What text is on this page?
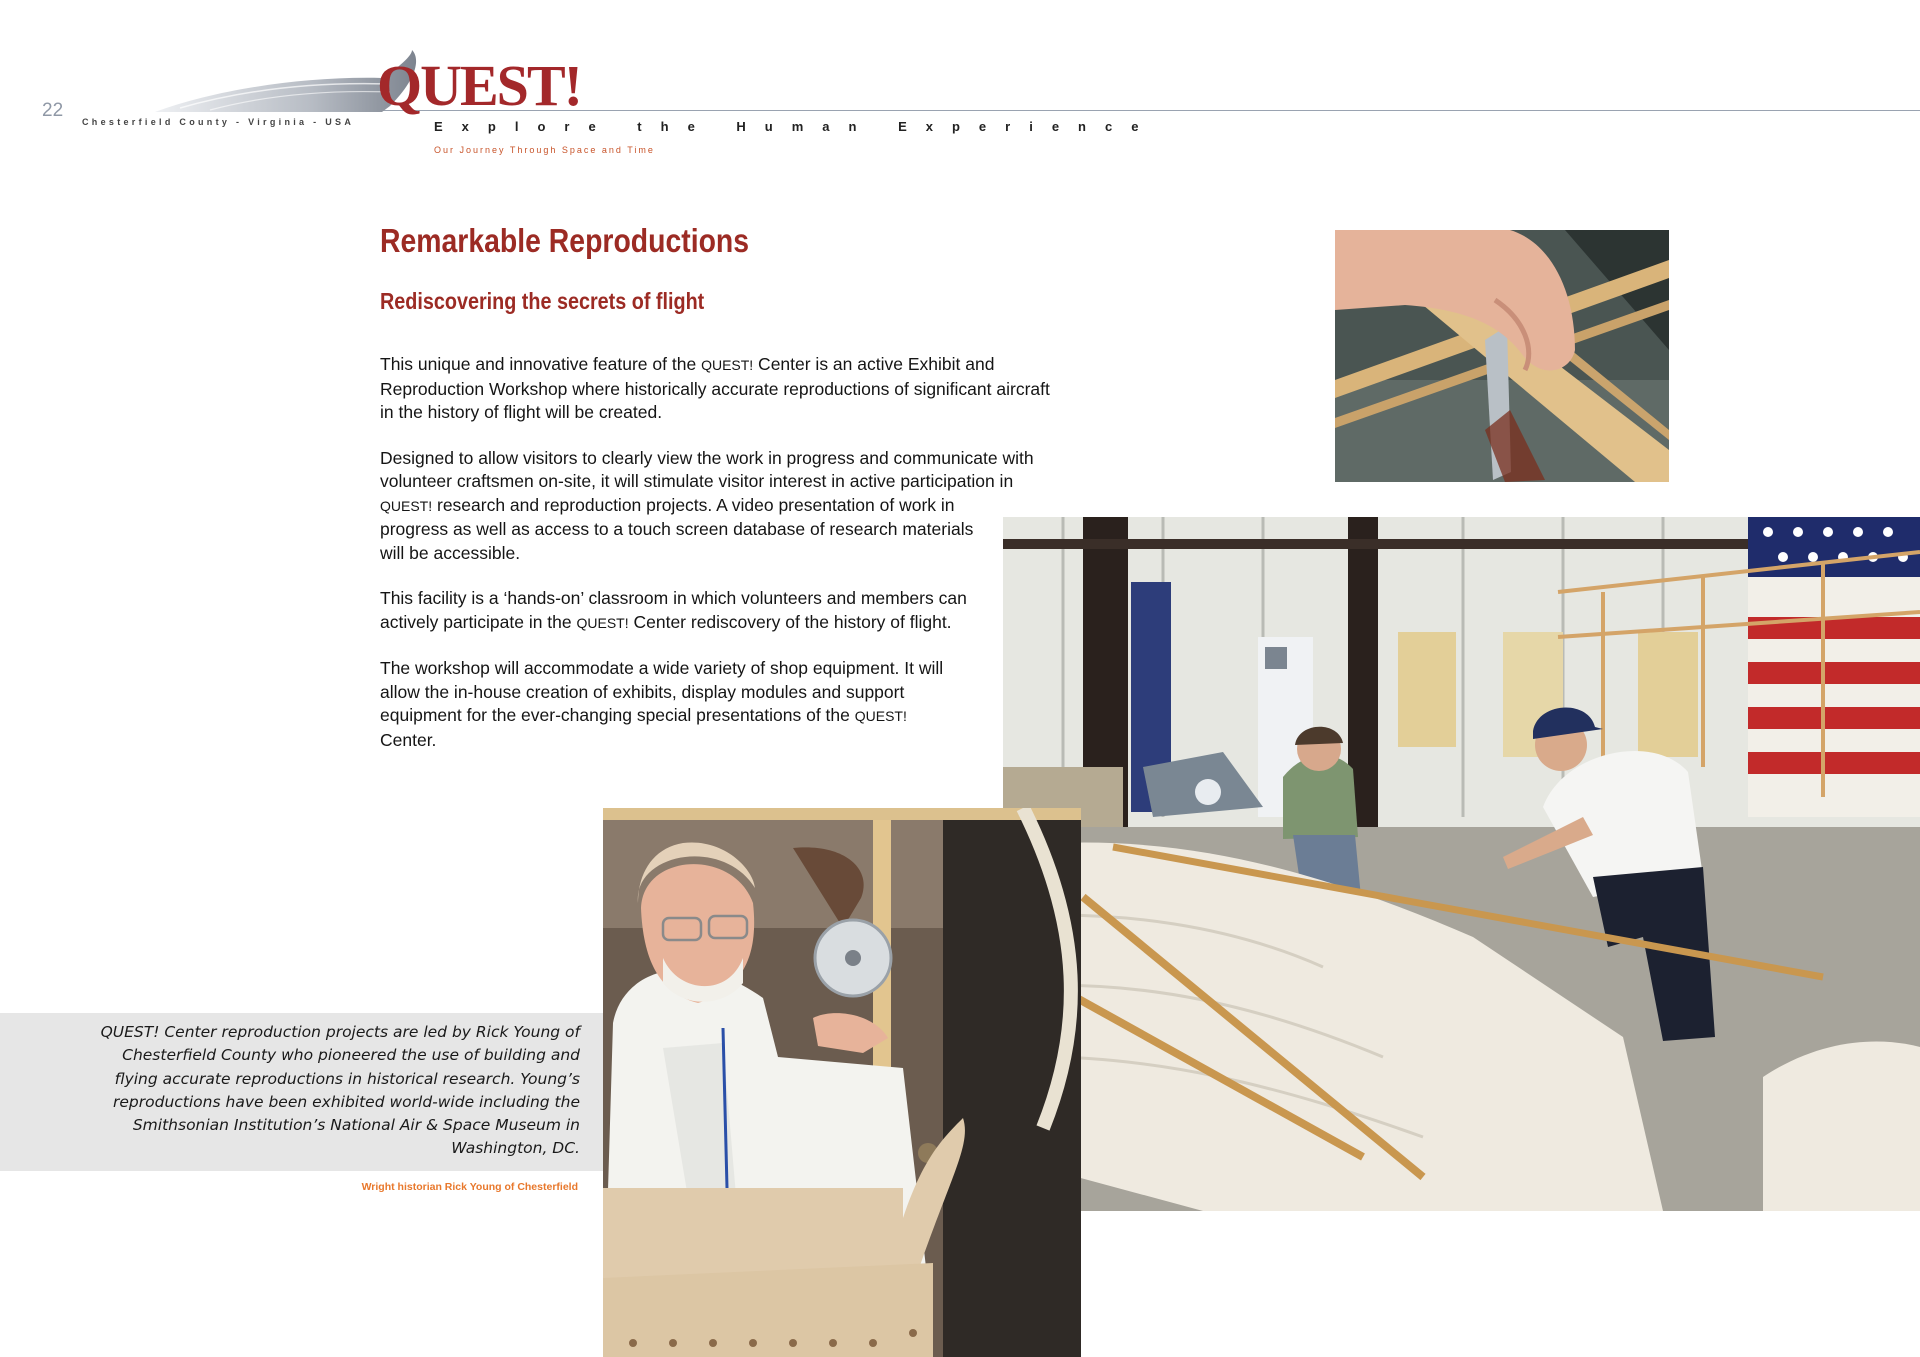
22	QUEST!
Chesterfield County - Virginia - USA	Explore the Human Experience
Our Journey Through Space and Time
Remarkable Reproductions
Rediscovering the secrets of flight

This unique and innovative feature of the QUEST! Center is an active Exhibit and
Reproduction Workshop where historically accurate reproductions of significant aircraft
in the history of flight will be created.

Designed to allow visitors to clearly view the work in progress and communicate with
volunteer craftsmen on-site, it will stimulate visitor interest in active participation in
QUEST! research and reproduction projects. A video presentation of work in
progress as well as access to a touch screen database of research materials
will be accessible.

This facility is a ‘hands-on’ classroom in which volunteers and members can
actively participate in the QUEST! Center rediscovery of the history of flight.

The workshop will accommodate a wide variety of shop equipment. It will
allow the in-house creation of exhibits, display modules and support
equipment for the ever-changing special presentations of the QUEST!
Center.

QUEST! Center reproduction projects are led by Rick Young of
Chesterfield County who pioneered the use of building and
flying accurate reproductions in historical research. Young’s
reproductions have been exhibited world-wide including the
Smithsonian Institution’s National Air & Space Museum in
Washington, DC.
Wright historian Rick Young of Chesterfield
